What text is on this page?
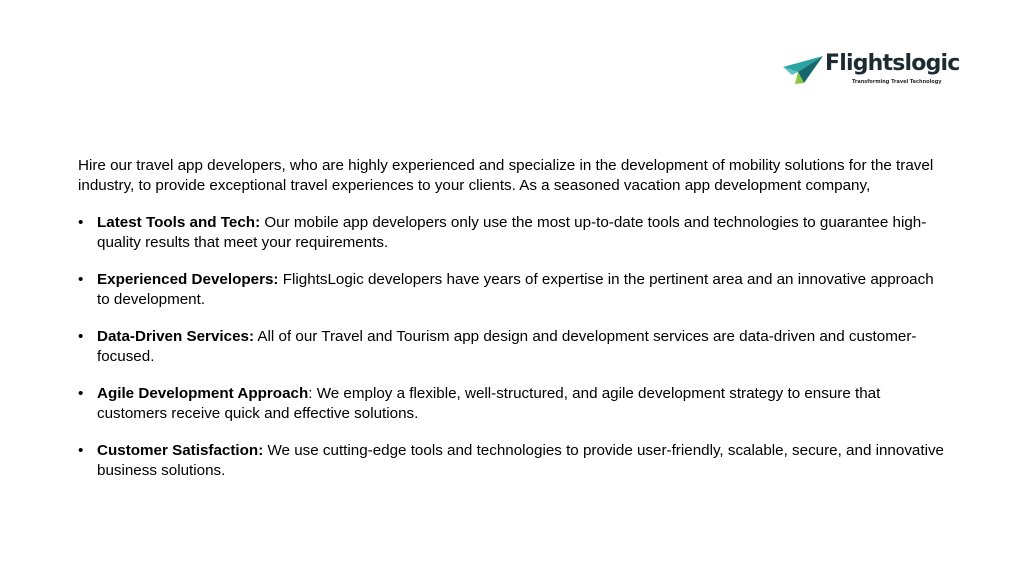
Flightslogic
Transforming Travel Technology

Hire our travel app developers, who are highly experienced and specialize in the development of mobility solutions for the travel industry, to provide exceptional travel experiences to your clients. As a seasoned vacation app development company,

• Latest Tools and Tech: Our mobile app developers only use the most up-to-date tools and technologies to guarantee high-quality results that meet your requirements.
• Experienced Developers: FlightsLogic developers have years of expertise in the pertinent area and an innovative approach to development.
• Data-Driven Services: All of our Travel and Tourism app design and development services are data-driven and customer-focused.
• Agile Development Approach: We employ a flexible, well-structured, and agile development strategy to ensure that customers receive quick and effective solutions.
• Customer Satisfaction: We use cutting-edge tools and technologies to provide user-friendly, scalable, secure, and innovative business solutions.
